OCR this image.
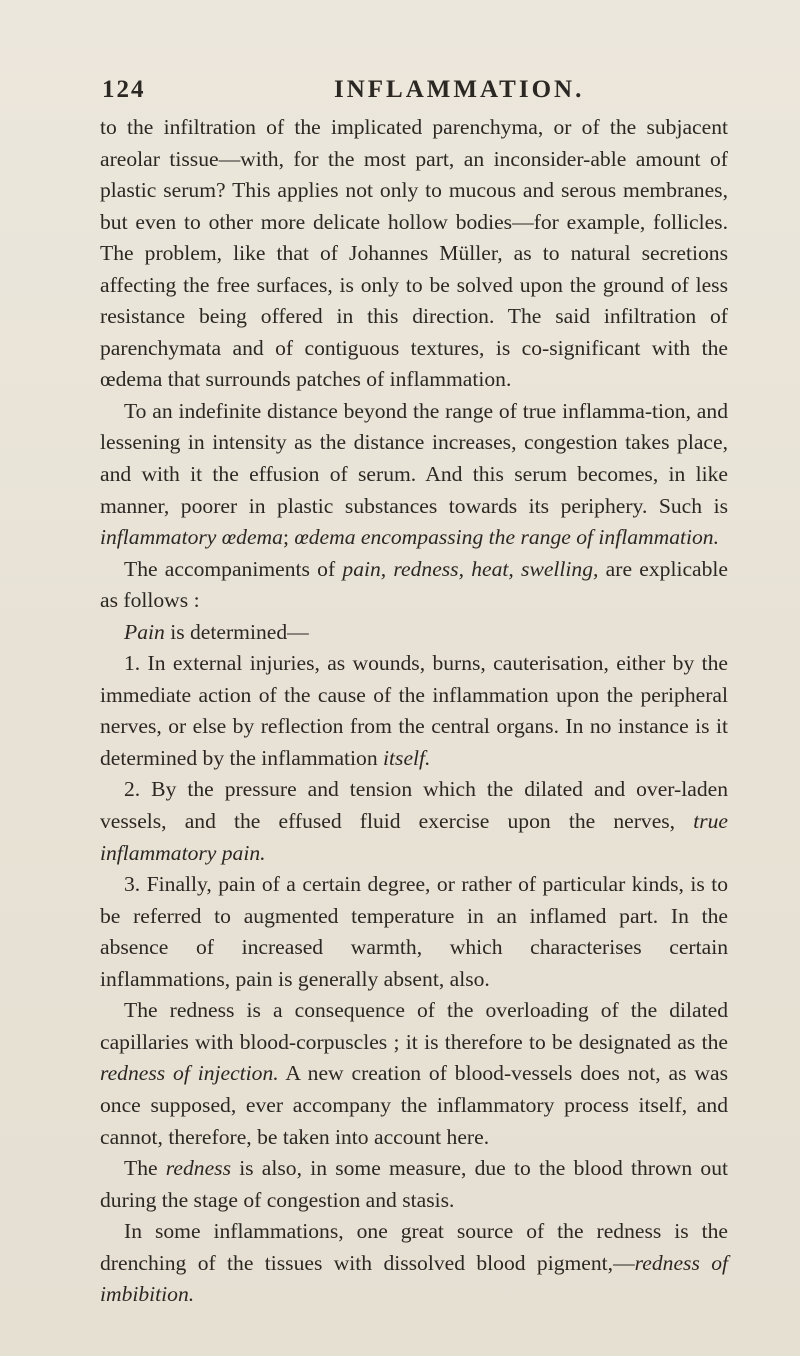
124	INFLAMMATION.

to the infiltration of the implicated parenchyma, or of the subjacent areolar tissue—with, for the most part, an inconsider-able amount of plastic serum? This applies not only to mucous and serous membranes, but even to other more delicate hollow bodies—for example, follicles. The problem, like that of Johannes Müller, as to natural secretions affecting the free surfaces, is only to be solved upon the ground of less resistance being offered in this direction. The said infiltration of parenchymata and of contiguous textures, is co-significant with the œdema that surrounds patches of inflammation.

To an indefinite distance beyond the range of true inflamma-tion, and lessening in intensity as the distance increases, congestion takes place, and with it the effusion of serum. And this serum becomes, in like manner, poorer in plastic substances towards its periphery. Such is inflammatory œdema; œdema encompassing the range of inflammation.

The accompaniments of pain, redness, heat, swelling, are explicable as follows :

Pain is determined—

1. In external injuries, as wounds, burns, cauterisation, either by the immediate action of the cause of the inflammation upon the peripheral nerves, or else by reflection from the central organs. In no instance is it determined by the inflammation itself.

2. By the pressure and tension which the dilated and over-laden vessels, and the effused fluid exercise upon the nerves, true inflammatory pain.

3. Finally, pain of a certain degree, or rather of particular kinds, is to be referred to augmented temperature in an inflamed part. In the absence of increased warmth, which characterises certain inflammations, pain is generally absent, also.

The redness is a consequence of the overloading of the dilated capillaries with blood-corpuscles ; it is therefore to be designated as the redness of injection. A new creation of blood-vessels does not, as was once supposed, ever accompany the inflammatory process itself, and cannot, therefore, be taken into account here.

The redness is also, in some measure, due to the blood thrown out during the stage of congestion and stasis.

In some inflammations, one great source of the redness is the drenching of the tissues with dissolved blood pigment,—redness of imbibition.
